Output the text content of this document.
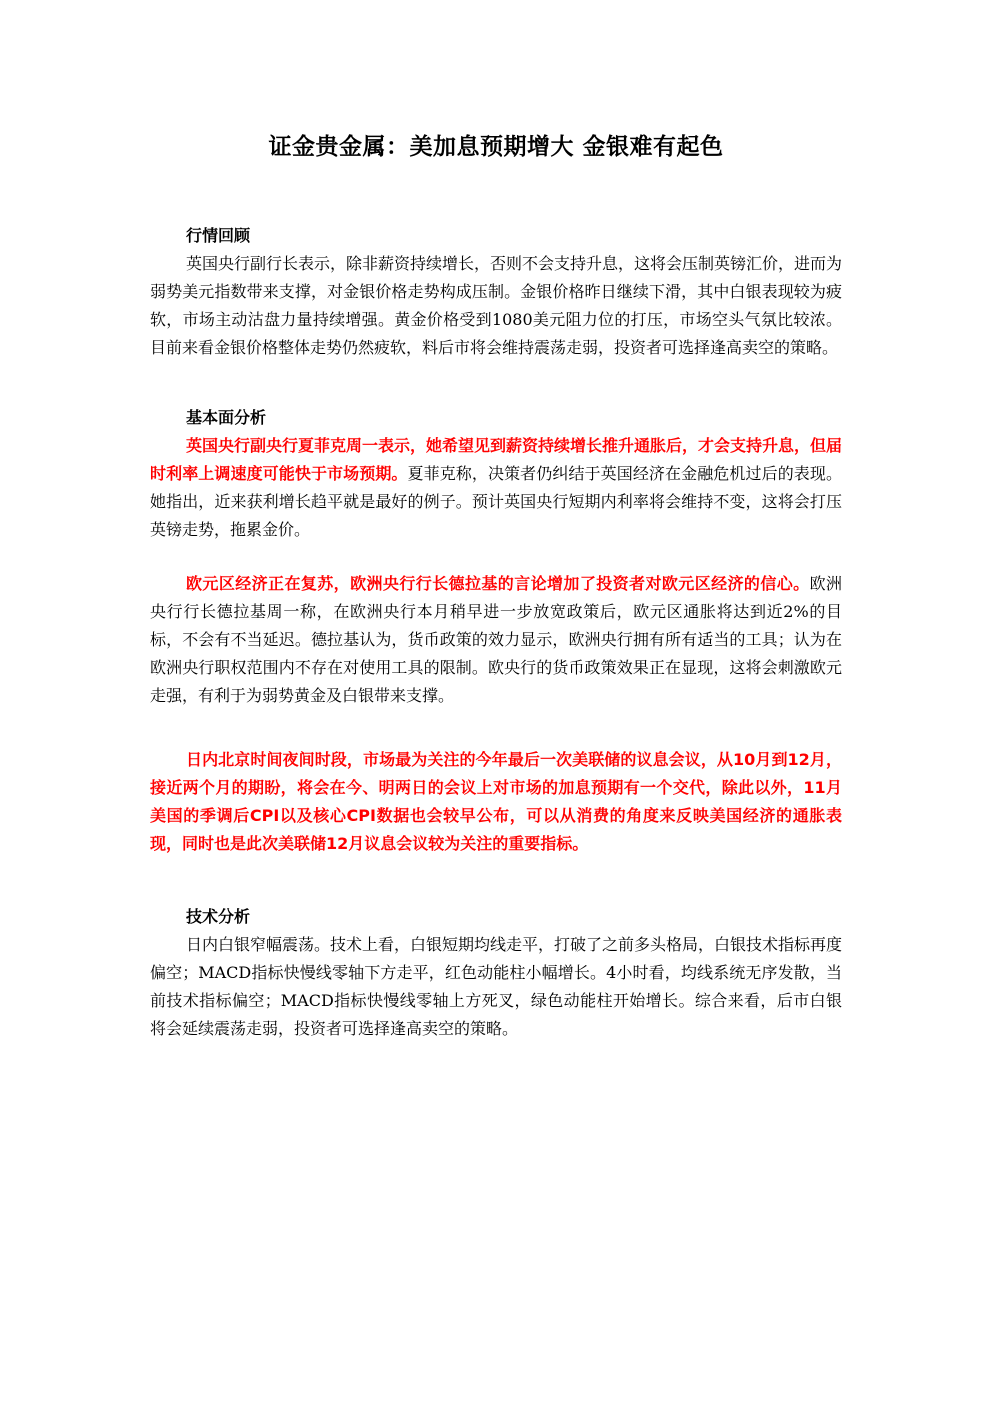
证金贵金属：美加息预期增大 金银难有起色
行情回顾

英国央行副行长表示，除非薪资持续增长，否则不会支持升息，这将会压制英镑汇价，进而为弱势美元指数带来支撑，对金银价格走势构成压制。金银价格昨日继续下滑，其中白银表现较为疲软，市场主动沽盘力量持续增强。黄金价格受到1080美元阻力位的打压，市场空头气氛比较浓。目前来看金银价格整体走势仍然疲软，料后市将会维持震荡走弱，投资者可选择逢高卖空的策略。

基本面分析

英国央行副央行夏菲克周一表示，她希望见到薪资持续增长推升通胀后，才会支持升息，但届时利率上调速度可能快于市场预期。夏菲克称，决策者仍纠结于英国经济在金融危机过后的表现。她指出，近来获利增长趋平就是最好的例子。预计英国央行短期内利率将会维持不变，这将会打压英镑走势，拖累金价。

欧元区经济正在复苏，欧洲央行行长德拉基的言论增加了投资者对欧元区经济的信心。欧洲央行行长德拉基周一称，在欧洲央行本月稍早进一步放宽政策后，欧元区通胀将达到近2%的目标，不会有不当延迟。德拉基认为，货币政策的效力显示，欧洲央行拥有所有适当的工具；认为在欧洲央行职权范围内不存在对使用工具的限制。欧央行的货币政策效果正在显现，这将会刺激欧元走强，有利于为弱势黄金及白银带来支撑。

日内北京时间夜间时段，市场最为关注的今年最后一次美联储的议息会议，从10月到12月，接近两个月的期盼，将会在今、明两日的会议上对市场的加息预期有一个交代，除此以外，11月美国的季调后CPI以及核心CPI数据也会较早公布，可以从消费的角度来反映美国经济的通胀表现，同时也是此次美联储12月议息会议较为关注的重要指标。

技术分析

日内白银窄幅震荡。技术上看，白银短期均线走平，打破了之前多头格局，白银技术指标再度偏空；MACD指标快慢线零轴下方走平，红色动能柱小幅增长。4小时看，均线系统无序发散，当前技术指标偏空；MACD指标快慢线零轴上方死叉，绿色动能柱开始增长。综合来看，后市白银将会延续震荡走弱，投资者可选择逢高卖空的策略。
